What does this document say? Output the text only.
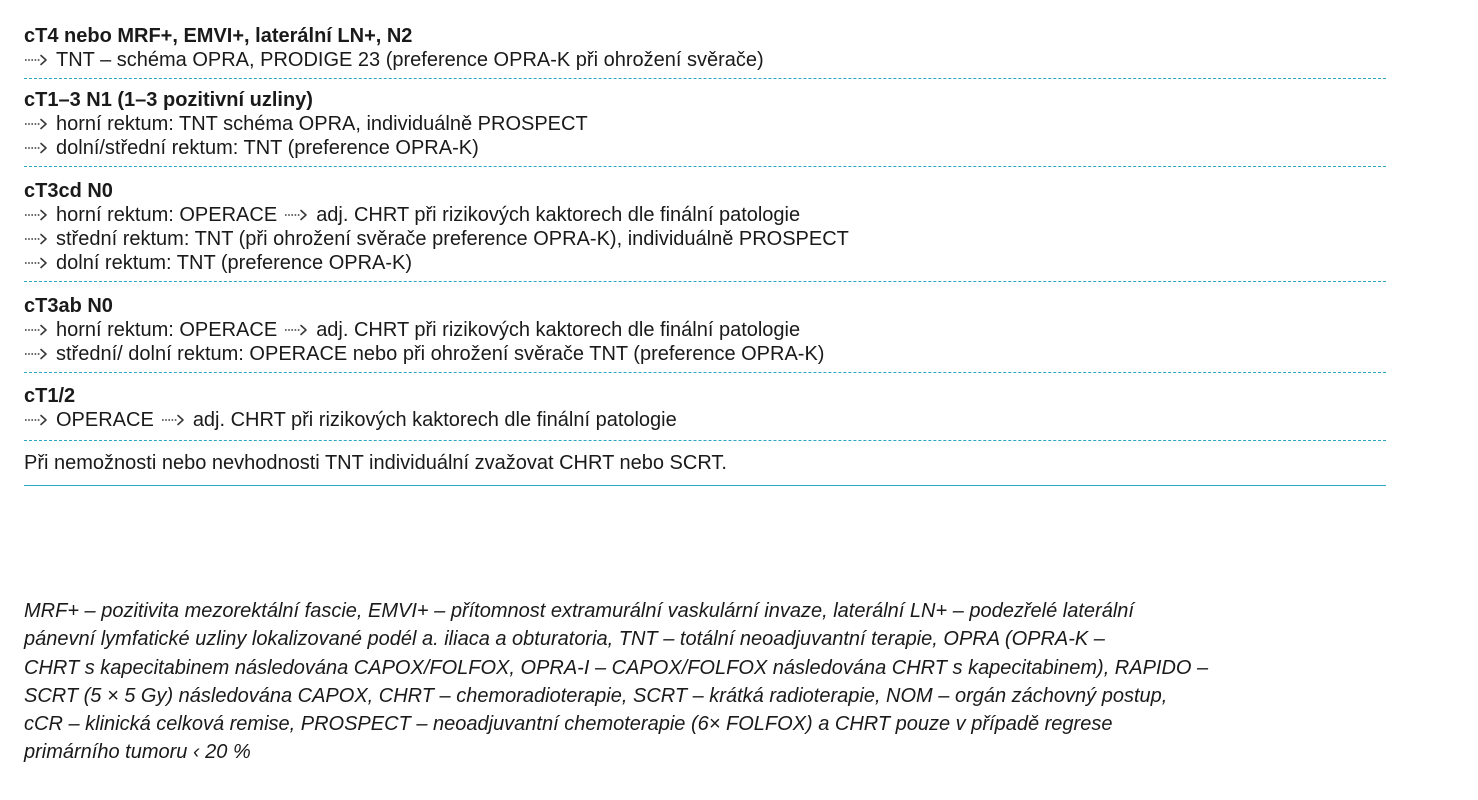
cT4 nebo MRF+, EMVI+, laterální LN+, N2
TNT – schéma OPRA, PRODIGE 23 (preference OPRA-K při ohrožení svěrače)
cT1–3 N1 (1–3 pozitivní uzliny)
horní rektum: TNT schéma OPRA, individuálně PROSPECT
dolní/střední rektum: TNT (preference OPRA-K)
cT3cd N0
horní rektum: OPERACE adj. CHRT při rizikových kaktorech dle finální patologie
střední rektum: TNT (při ohrožení svěrače preference OPRA-K), individuálně PROSPECT
dolní rektum: TNT (preference OPRA-K)
cT3ab N0
horní rektum: OPERACE adj. CHRT při rizikových kaktorech dle finální patologie
střední/ dolní rektum: OPERACE nebo při ohrožení svěrače TNT (preference OPRA-K)
cT1/2
OPERACE adj. CHRT při rizikových kaktorech dle finální patologie
Při nemožnosti nebo nevhodnosti TNT individuální zvažovat CHRT nebo SCRT.
MRF+ – pozitivita mezorektální fascie, EMVI+ – přítomnost extramurální vaskulární invaze, laterální LN+ – podezřelé laterální
pánevní lymfatické uzliny lokalizované podél a. iliaca a obturatoria, TNT – totální neoadjuvantní terapie, OPRA (OPRA-K –
CHRT s kapecitabinem následována CAPOX/FOLFOX, OPRA-I – CAPOX/FOLFOX následována CHRT s kapecitabinem), RAPIDO –
SCRT (5 × 5 Gy) následována CAPOX, CHRT – chemoradioterapie, SCRT – krátká radioterapie, NOM – orgán záchovný postup,
cCR – klinická celková remise, PROSPECT – neoadjuvantní chemoterapie (6× FOLFOX) a CHRT pouze v případě regrese
primárního tumoru ‹ 20 %
